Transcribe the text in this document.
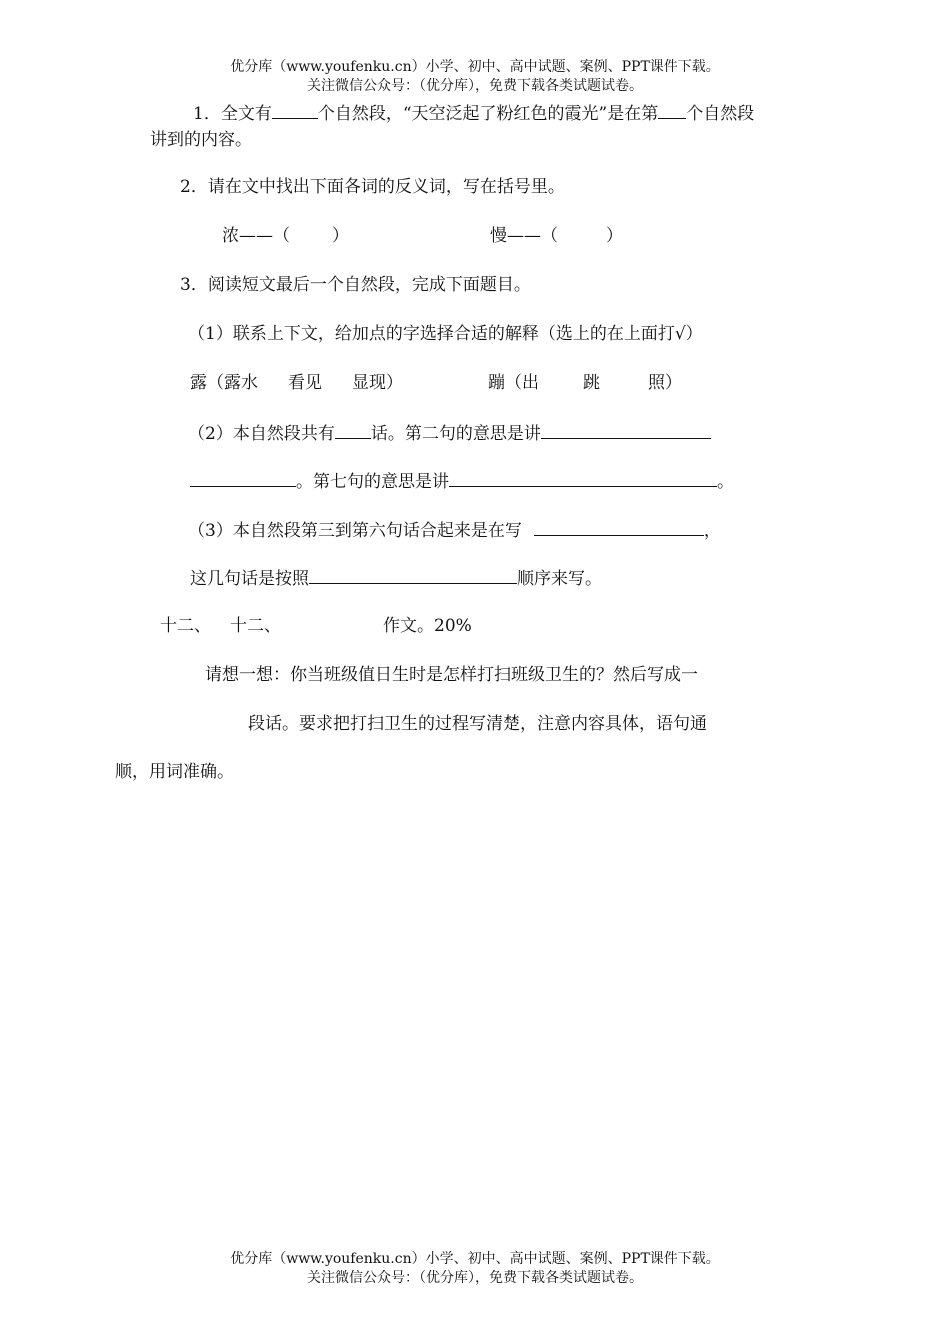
优分库（www.youfenku.cn）小学、初中、高中试题、案例、PPT课件下载。
关注微信公众号：（优分库），免费下载各类试题试卷。
1．全文有	个自然段，“天空泛起了粉红色的霞光”是在第 个自然段
讲到的内容。
2．请在文中找出下面各词的反义词，写在括号里。
浓——（ ）	慢——（	）
3．阅读短文最后一个自然段，完成下面题目。
（1）联系上下文，给加点的字选择合适的解释（选上的在上面打√）
露（露水 看见 显现）	蹦（出	跳	照）
（2）本自然段共有 话。第二句的意思是讲
。第七句的意思是讲	。
（3）本自然段第三到第六句话合起来是在写	，
这几句话是按照	顺序来写。
十二、 十二、	作文。20%
请想一想：你当班级值日生时是怎样打扫班级卫生的？然后写成一
段话。要求把打扫卫生的过程写清楚，注意内容具体，语句通
顺，用词准确。
优分库（www.youfenku.cn）小学、初中、高中试题、案例、PPT课件下载。
关注微信公众号：（优分库），免费下载各类试题试卷。
